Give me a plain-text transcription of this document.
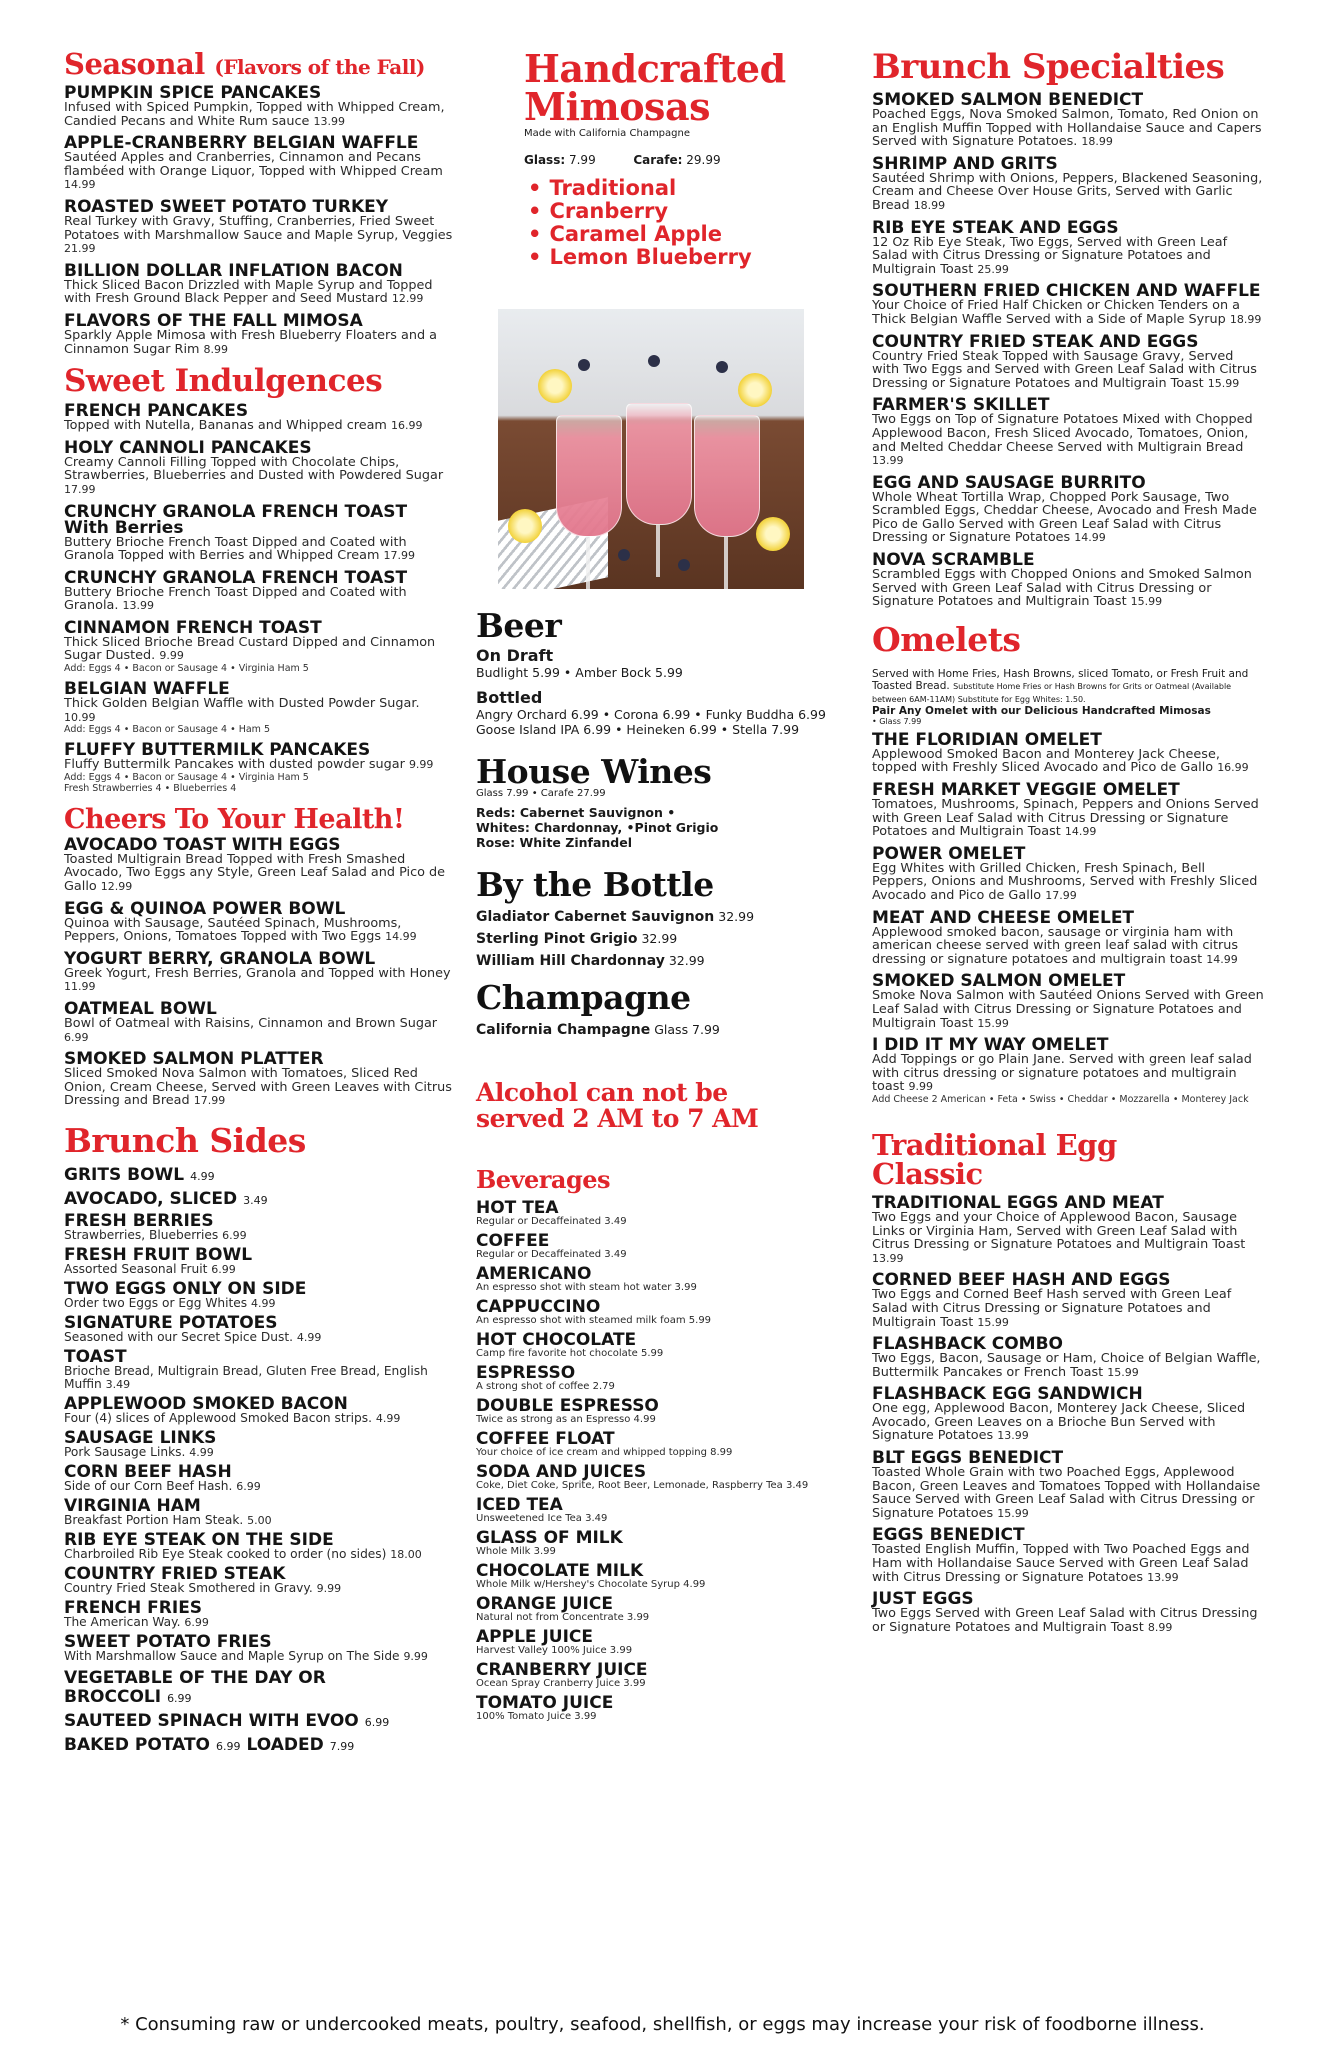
Seasonal (Flavors of the Fall)
PUMPKIN SPICE PANCAKES
Infused with Spiced Pumpkin, Topped with Whipped Cream, Candied Pecans and White Rum sauce 13.99
APPLE-CRANBERRY BELGIAN WAFFLE
Sautéed Apples and Cranberries, Cinnamon and Pecans flambéed with Orange Liquor, Topped with Whipped Cream 14.99
ROASTED SWEET POTATO TURKEY
Real Turkey with Gravy, Stuffing, Cranberries, Fried Sweet Potatoes with Marshmallow Sauce and Maple Syrup, Veggies 21.99
BILLION DOLLAR INFLATION BACON
Thick Sliced Bacon Drizzled with Maple Syrup and Topped with Fresh Ground Black Pepper and Seed Mustard 12.99
FLAVORS OF THE FALL MIMOSA
Sparkly Apple Mimosa with Fresh Blueberry Floaters and a Cinnamon Sugar Rim 8.99
Sweet Indulgences
FRENCH PANCAKES
Topped with Nutella, Bananas and Whipped cream 16.99
HOLY CANNOLI PANCAKES
Creamy Cannoli Filling Topped with Chocolate Chips, Strawberries, Blueberries and Dusted with Powdered Sugar 17.99
CRUNCHY GRANOLA FRENCH TOAST With Berries
Buttery Brioche French Toast Dipped and Coated with Granola Topped with Berries and Whipped Cream 17.99
CRUNCHY GRANOLA FRENCH TOAST
Buttery Brioche French Toast Dipped and Coated with Granola. 13.99
CINNAMON FRENCH TOAST
Thick Sliced Brioche Bread Custard Dipped and Cinnamon Sugar Dusted. 9.99
Add: Eggs 4 • Bacon or Sausage 4 • Virginia Ham 5
BELGIAN WAFFLE
Thick Golden Belgian Waffle with Dusted Powder Sugar. 10.99
Add: Eggs 4 • Bacon or Sausage 4 • Ham 5
FLUFFY BUTTERMILK PANCAKES
Fluffy Buttermilk Pancakes with dusted powder sugar 9.99
Add: Eggs 4 • Bacon or Sausage 4 • Virginia Ham 5
Fresh Strawberries 4 • Blueberries 4
Cheers To Your Health!
AVOCADO TOAST WITH EGGS
Toasted Multigrain Bread Topped with Fresh Smashed Avocado, Two Eggs any Style, Green Leaf Salad and Pico de Gallo 12.99
EGG & QUINOA POWER BOWL
Quinoa with Sausage, Sautéed Spinach, Mushrooms, Peppers, Onions, Tomatoes Topped with Two Eggs 14.99
YOGURT BERRY, GRANOLA BOWL
Greek Yogurt, Fresh Berries, Granola and Topped with Honey 11.99
OATMEAL BOWL
Bowl of Oatmeal with Raisins, Cinnamon and Brown Sugar 6.99
SMOKED SALMON PLATTER
Sliced Smoked Nova Salmon with Tomatoes, Sliced Red Onion, Cream Cheese, Served with Green Leaves with Citrus Dressing and Bread 17.99
Brunch Sides
GRITS BOWL 4.99
AVOCADO, SLICED 3.49
FRESH BERRIES
Strawberries, Blueberries 6.99
FRESH FRUIT BOWL
Assorted Seasonal Fruit 6.99
TWO EGGS ONLY ON SIDE
Order two Eggs or Egg Whites 4.99
SIGNATURE POTATOES
Seasoned with our Secret Spice Dust. 4.99
TOAST
Brioche Bread, Multigrain Bread, Gluten Free Bread, English Muffin 3.49
APPLEWOOD SMOKED BACON
Four (4) slices of Applewood Smoked Bacon strips. 4.99
SAUSAGE LINKS
Pork Sausage Links. 4.99
CORN BEEF HASH
Side of our Corn Beef Hash. 6.99
VIRGINIA HAM
Breakfast Portion Ham Steak. 5.00
RIB EYE STEAK ON THE SIDE
Charbroiled Rib Eye Steak cooked to order (no sides) 18.00
COUNTRY FRIED STEAK
Country Fried Steak Smothered in Gravy. 9.99
FRENCH FRIES
The American Way. 6.99
SWEET POTATO FRIES
With Marshmallow Sauce and Maple Syrup on The Side 9.99
VEGETABLE OF THE DAY OR BROCCOLI 6.99
SAUTEED SPINACH WITH EVOO 6.99
BAKED POTATO 6.99 LOADED 7.99
Handcrafted Mimosas
Made with California Champagne
Glass: 7.99	Carafe: 29.99
• Traditional
• Cranberry
• Caramel Apple
• Lemon Blueberry
Beer
On Draft
Budlight 5.99 • Amber Bock 5.99
Bottled
Angry Orchard 6.99 • Corona 6.99 • Funky Buddha 6.99
Goose Island IPA 6.99 • Heineken 6.99 • Stella 7.99
House Wines
Glass 7.99 • Carafe 27.99
Reds: Cabernet Sauvignon •
Whites: Chardonnay, •Pinot Grigio
Rose: White Zinfandel
By the Bottle
Gladiator Cabernet Sauvignon 32.99
Sterling Pinot Grigio 32.99
William Hill Chardonnay 32.99
Champagne
California Champagne Glass 7.99
Alcohol can not be served 2 AM to 7 AM
Beverages
HOT TEA
Regular or Decaffeinated 3.49
COFFEE
Regular or Decaffeinated 3.49
AMERICANO
An espresso shot with steam hot water 3.99
CAPPUCCINO
An espresso shot with steamed milk foam 5.99
HOT CHOCOLATE
Camp fire favorite hot chocolate 5.99
ESPRESSO
A strong shot of coffee 2.79
DOUBLE ESPRESSO
Twice as strong as an Espresso 4.99
COFFEE FLOAT
Your choice of ice cream and whipped topping 8.99
SODA AND JUICES
Coke, Diet Coke, Sprite, Root Beer, Lemonade, Raspberry Tea 3.49
ICED TEA
Unsweetened Ice Tea 3.49
GLASS OF MILK
Whole Milk 3.99
CHOCOLATE MILK
Whole Milk w/Hershey's Chocolate Syrup 4.99
ORANGE JUICE
Natural not from Concentrate 3.99
APPLE JUICE
Harvest Valley 100% Juice 3.99
CRANBERRY JUICE
Ocean Spray Cranberry Juice 3.99
TOMATO JUICE
100% Tomato Juice 3.99
Brunch Specialties
SMOKED SALMON BENEDICT
Poached Eggs, Nova Smoked Salmon, Tomato, Red Onion on an English Muffin Topped with Hollandaise Sauce and Capers Served with Signature Potatoes. 18.99
SHRIMP AND GRITS
Sautéed Shrimp with Onions, Peppers, Blackened Seasoning, Cream and Cheese Over House Grits, Served with Garlic Bread 18.99
RIB EYE STEAK AND EGGS
12 Oz Rib Eye Steak, Two Eggs, Served with Green Leaf Salad with Citrus Dressing or Signature Potatoes and Multigrain Toast 25.99
SOUTHERN FRIED CHICKEN AND WAFFLE
Your Choice of Fried Half Chicken or Chicken Tenders on a Thick Belgian Waffle Served with a Side of Maple Syrup 18.99
COUNTRY FRIED STEAK AND EGGS
Country Fried Steak Topped with Sausage Gravy, Served with Two Eggs and Served with Green Leaf Salad with Citrus Dressing or Signature Potatoes and Multigrain Toast 15.99
FARMER'S SKILLET
Two Eggs on Top of Signature Potatoes Mixed with Chopped Applewood Bacon, Fresh Sliced Avocado, Tomatoes, Onion, and Melted Cheddar Cheese Served with Multigrain Bread 13.99
EGG AND SAUSAGE BURRITO
Whole Wheat Tortilla Wrap, Chopped Pork Sausage, Two Scrambled Eggs, Cheddar Cheese, Avocado and Fresh Made Pico de Gallo Served with Green Leaf Salad with Citrus Dressing or Signature Potatoes 14.99
NOVA SCRAMBLE
Scrambled Eggs with Chopped Onions and Smoked Salmon Served with Green Leaf Salad with Citrus Dressing or Signature Potatoes and Multigrain Toast 15.99
Omelets
Served with Home Fries, Hash Browns, sliced Tomato, or Fresh Fruit and Toasted Bread. Substitute Home Fries or Hash Browns for Grits or Oatmeal (Available between 6AM-11AM) Substitute for Egg Whites: 1.50.
Pair Any Omelet with our Delicious Handcrafted Mimosas
• Glass 7.99
THE FLORIDIAN OMELET
Applewood Smoked Bacon and Monterey Jack Cheese, topped with Freshly Sliced Avocado and Pico de Gallo 16.99
FRESH MARKET VEGGIE OMELET
Tomatoes, Mushrooms, Spinach, Peppers and Onions Served with Green Leaf Salad with Citrus Dressing or Signature Potatoes and Multigrain Toast 14.99
POWER OMELET
Egg Whites with Grilled Chicken, Fresh Spinach, Bell Peppers, Onions and Mushrooms, Served with Freshly Sliced Avocado and Pico de Gallo 17.99
MEAT AND CHEESE OMELET
Applewood smoked bacon, sausage or virginia ham with american cheese served with green leaf salad with citrus dressing or signature potatoes and multigrain toast 14.99
SMOKED SALMON OMELET
Smoke Nova Salmon with Sautéed Onions Served with Green Leaf Salad with Citrus Dressing or Signature Potatoes and Multigrain Toast 15.99
I DID IT MY WAY OMELET
Add Toppings or go Plain Jane. Served with green leaf salad with citrus dressing or signature potatoes and multigrain toast 9.99
Add Cheese 2 American • Feta • Swiss • Cheddar • Mozzarella • Monterey Jack
Traditional Egg Classic
TRADITIONAL EGGS AND MEAT
Two Eggs and your Choice of Applewood Bacon, Sausage Links or Virginia Ham, Served with Green Leaf Salad with Citrus Dressing or Signature Potatoes and Multigrain Toast 13.99
CORNED BEEF HASH AND EGGS
Two Eggs and Corned Beef Hash served with Green Leaf Salad with Citrus Dressing or Signature Potatoes and Multigrain Toast 15.99
FLASHBACK COMBO
Two Eggs, Bacon, Sausage or Ham, Choice of Belgian Waffle, Buttermilk Pancakes or French Toast 15.99
FLASHBACK EGG SANDWICH
One egg, Applewood Bacon, Monterey Jack Cheese, Sliced Avocado, Green Leaves on a Brioche Bun Served with Signature Potatoes 13.99
BLT EGGS BENEDICT
Toasted Whole Grain with two Poached Eggs, Applewood Bacon, Green Leaves and Tomatoes Topped with Hollandaise Sauce Served with Green Leaf Salad with Citrus Dressing or Signature Potatoes 15.99
EGGS BENEDICT
Toasted English Muffin, Topped with Two Poached Eggs and Ham with Hollandaise Sauce Served with Green Leaf Salad with Citrus Dressing or Signature Potatoes 13.99
JUST EGGS
Two Eggs Served with Green Leaf Salad with Citrus Dressing or Signature Potatoes and Multigrain Toast 8.99
* Consuming raw or undercooked meats, poultry, seafood, shellfish, or eggs may increase your risk of foodborne illness.
